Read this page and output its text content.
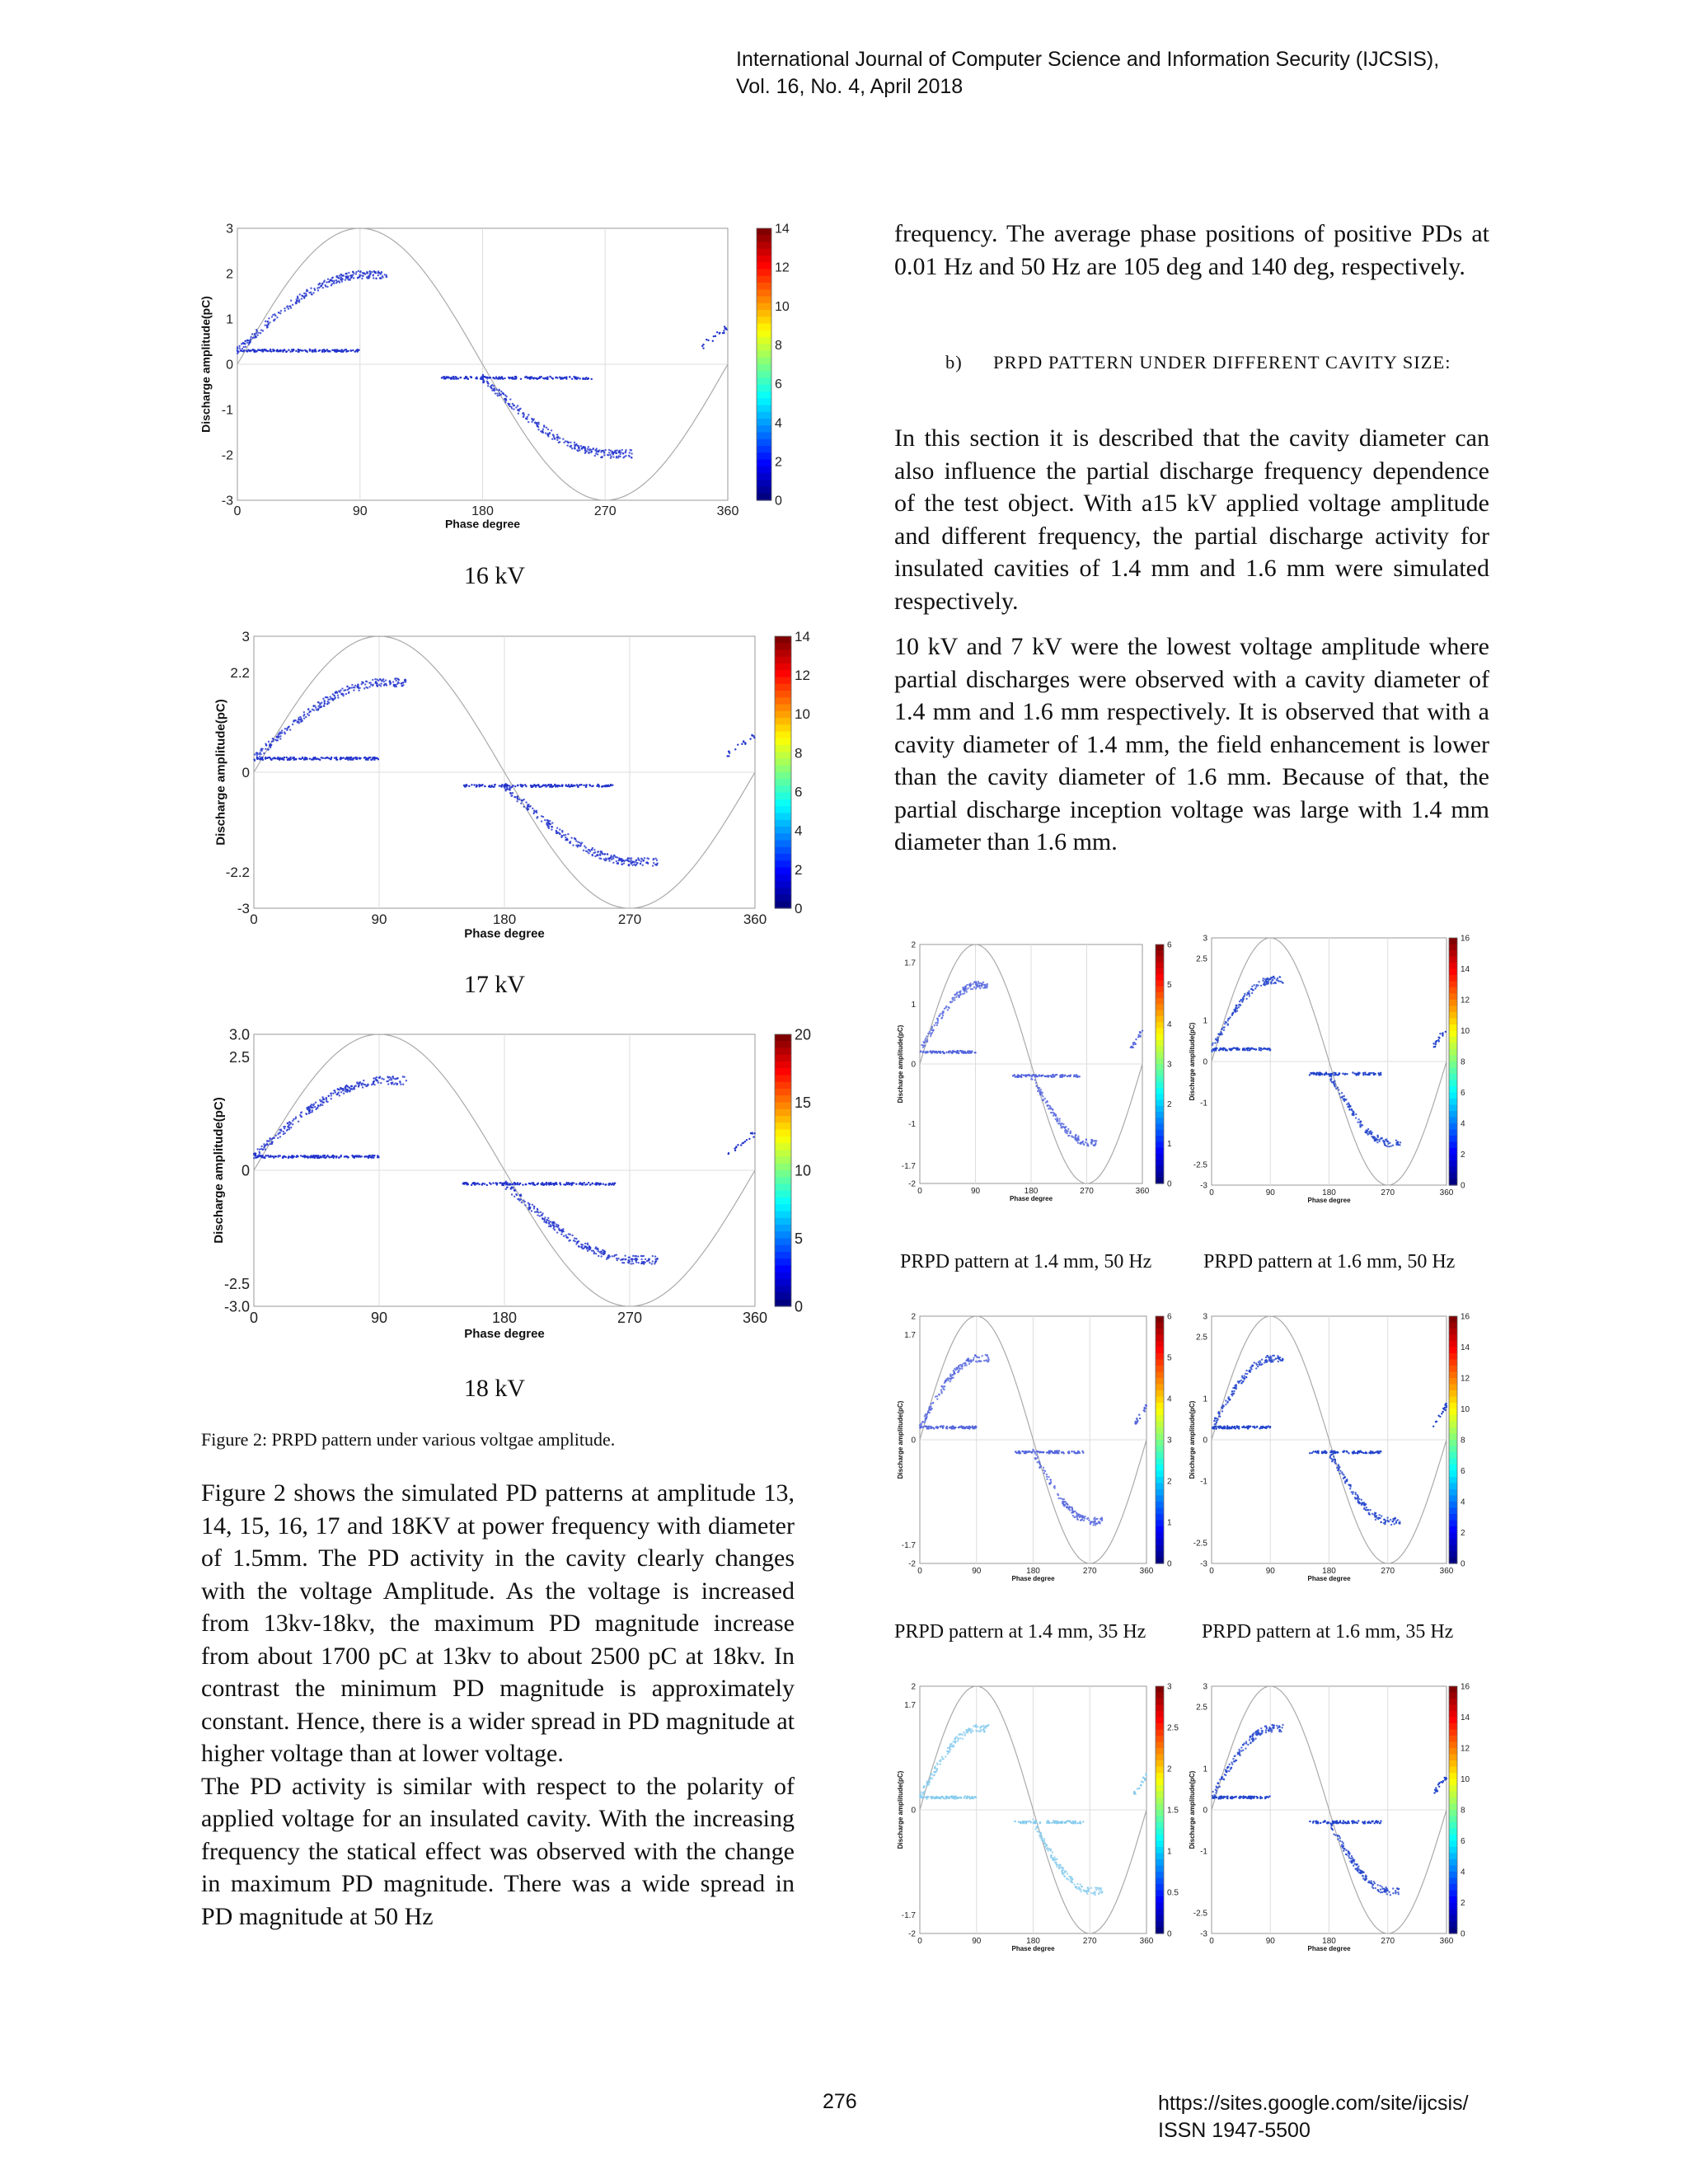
International Journal of Computer Science and Information Security (IJCSIS),
Vol. 16, No. 4, April 2018
0	90	180	270	360
3
2
1
0
-1
-2
-3
Phase degree
Discharge amplitude(pC)
14
12
10
8
6
4
2
0
16 kV
0	90	180	270	360
3
2.2
0
-2.2
-3
Phase degree
Discharge amplitude(pC)
14
12
10
8
6
4
2
0
17 kV
0	90	180	270	360
3.0
2.5
0
-2.5
-3.0
Phase degree
Discharge amplitude(pC)
20
15
10
5
0
18 kV
Figure 2: PRPD pattern under various voltgae amplitude.

Figure 2 shows the simulated PD patterns at amplitude 13, 14, 15, 16, 17 and 18KV at power frequency with diameter of 1.5mm. The PD activity in the cavity clearly changes with the voltage Amplitude. As the voltage is increased from 13kv-18kv, the maximum PD magnitude increase from about 1700 pC at 13kv to about 2500 pC at 18kv. In contrast the minimum PD magnitude is approximately constant. Hence, there is a wider spread in PD magnitude at higher voltage than at lower voltage.

The PD activity is similar with respect to the polarity of applied voltage for an insulated cavity. With the increasing frequency the statical effect was observed with the change in maximum PD magnitude. There was a wide spread in PD magnitude at 50 Hz

frequency. The average phase positions of positive PDs at 0.01 Hz and 50 Hz are 105 deg and 140 deg, respectively.

b) PRPD PATTERN UNDER DIFFERENT CAVITY SIZE:

In this section it is described that the cavity diameter can also influence the partial discharge frequency dependence of the test object. With a15 kV applied voltage amplitude and different frequency, the partial discharge activity for insulated cavities of 1.4 mm and 1.6 mm were simulated respectively.

10 kV and 7 kV were the lowest voltage amplitude where partial discharges were observed with a cavity diameter of 1.4 mm and 1.6 mm respectively. It is observed that with a cavity diameter of 1.4 mm, the field enhancement is lower than the cavity diameter of 1.6 mm. Because of that, the partial discharge inception voltage was large with 1.4 mm diameter than 1.6 mm.

0	90	180	270	360
2
1.7
1
0
-1
-1.7
-2
Phase degree
Discharge amplitude(pC)
6
5
4
3
2
1
0
0	90	180	270	360
3
2.5
1
0
-1
-2.5
-3
Phase degree
Discharge amplitude(pC)
16
14
12
10
8
6
4
2
0
PRPD pattern at 1.4 mm, 50 Hz	PRPD pattern at 1.6 mm, 50 Hz
0	90	180	270	360
2
1.7
0
-1.7
-2
Phase degree
Discharge amplitude(pC)
6
5
4
3
2
1
0
0	90	180	270	360
3
2.5
1
0
-1
-2.5
-3
Phase degree
Discharge amplitude(pC)
16
14
12
10
8
6
4
2
0
PRPD pattern at 1.4 mm, 35 Hz	PRPD pattern at 1.6 mm, 35 Hz
0	90	180	270	360
2
1.7
0
-1.7
-2
Phase degree
Discharge amplitude(pC)
3
2.5
2
1.5
1
0.5
0
0	90	180	270	360
3
2.5
1
0
-1
-2.5
-3
Phase degree
Discharge amplitude(pC)
16
14
12
10
8
6
4
2
0
276	https://sites.google.com/site/ijcsis/
ISSN 1947-5500
